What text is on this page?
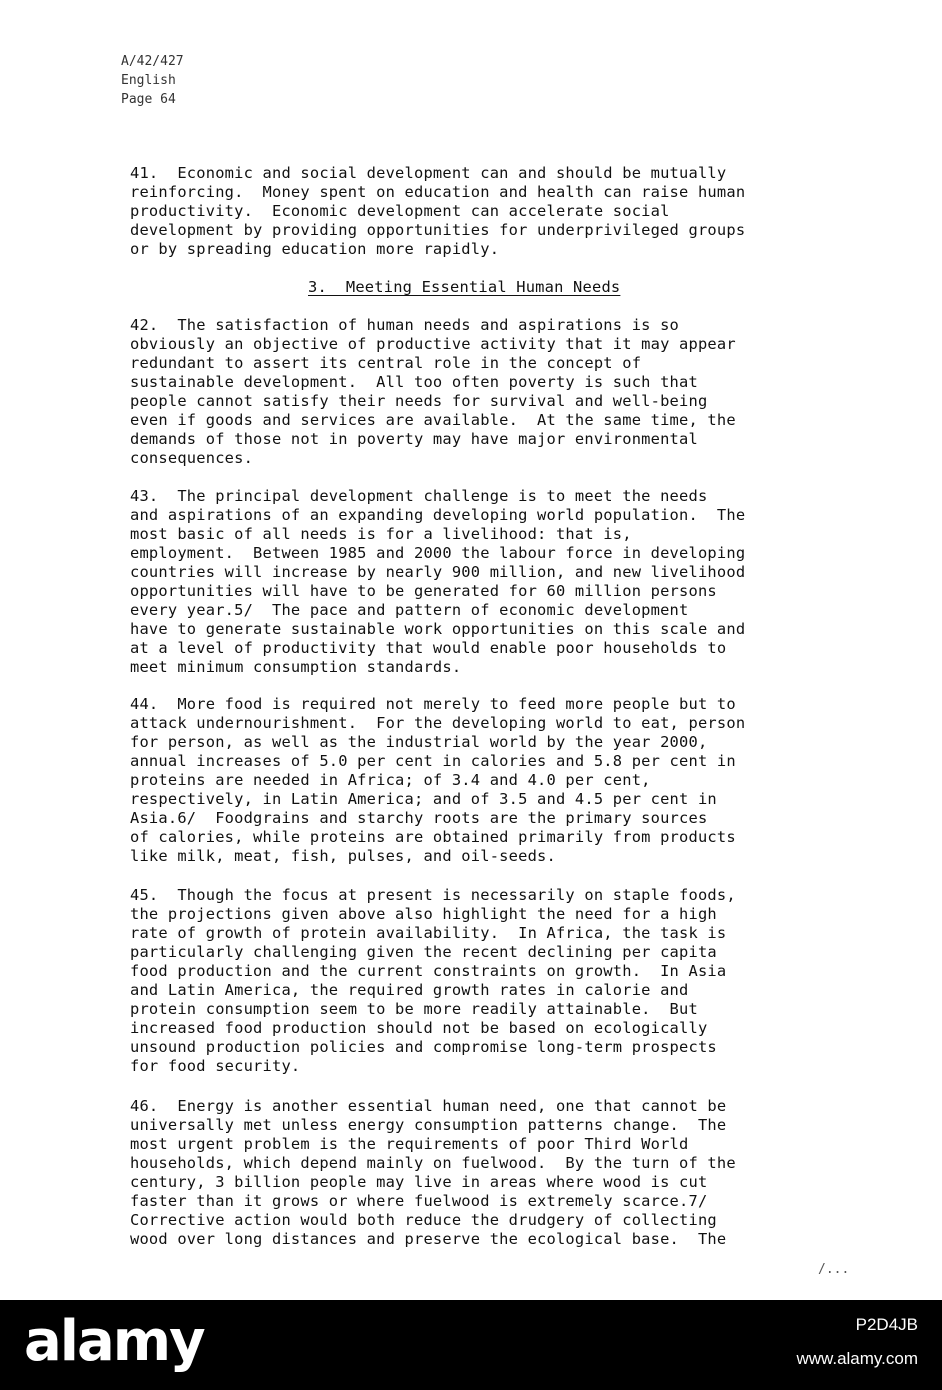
A/42/427
English
Page 64
41.  Economic and social development can and should be mutually
reinforcing.  Money spent on education and health can raise human
productivity.  Economic development can accelerate social
development by providing opportunities for underprivileged groups
or by spreading education more rapidly.
3.  Meeting Essential Human Needs
42.  The satisfaction of human needs and aspirations is so
obviously an objective of productive activity that it may appear
redundant to assert its central role in the concept of
sustainable development.  All too often poverty is such that
people cannot satisfy their needs for survival and well-being
even if goods and services are available.  At the same time, the
demands of those not in poverty may have major environmental
consequences.
43.  The principal development challenge is to meet the needs
and aspirations of an expanding developing world population.  The
most basic of all needs is for a livelihood: that is,
employment.  Between 1985 and 2000 the labour force in developing
countries will increase by nearly 900 million, and new livelihood
opportunities will have to be generated for 60 million persons
every year.5/  The pace and pattern of economic development
have to generate sustainable work opportunities on this scale and
at a level of productivity that would enable poor households to
meet minimum consumption standards.
44.  More food is required not merely to feed more people but to
attack undernourishment.  For the developing world to eat, person
for person, as well as the industrial world by the year 2000,
annual increases of 5.0 per cent in calories and 5.8 per cent in
proteins are needed in Africa; of 3.4 and 4.0 per cent,
respectively, in Latin America; and of 3.5 and 4.5 per cent in
Asia.6/  Foodgrains and starchy roots are the primary sources
of calories, while proteins are obtained primarily from products
like milk, meat, fish, pulses, and oil-seeds.
45.  Though the focus at present is necessarily on staple foods,
the projections given above also highlight the need for a high
rate of growth of protein availability.  In Africa, the task is
particularly challenging given the recent declining per capita
food production and the current constraints on growth.  In Asia
and Latin America, the required growth rates in calorie and
protein consumption seem to be more readily attainable.  But
increased food production should not be based on ecologically
unsound production policies and compromise long-term prospects
for food security.
46.  Energy is another essential human need, one that cannot be
universally met unless energy consumption patterns change.  The
most urgent problem is the requirements of poor Third World
households, which depend mainly on fuelwood.  By the turn of the
century, 3 billion people may live in areas where wood is cut
faster than it grows or where fuelwood is extremely scarce.7/
Corrective action would both reduce the drudgery of collecting
wood over long distances and preserve the ecological base.  The
/...
alamy	P2D4JB
www.alamy.com
